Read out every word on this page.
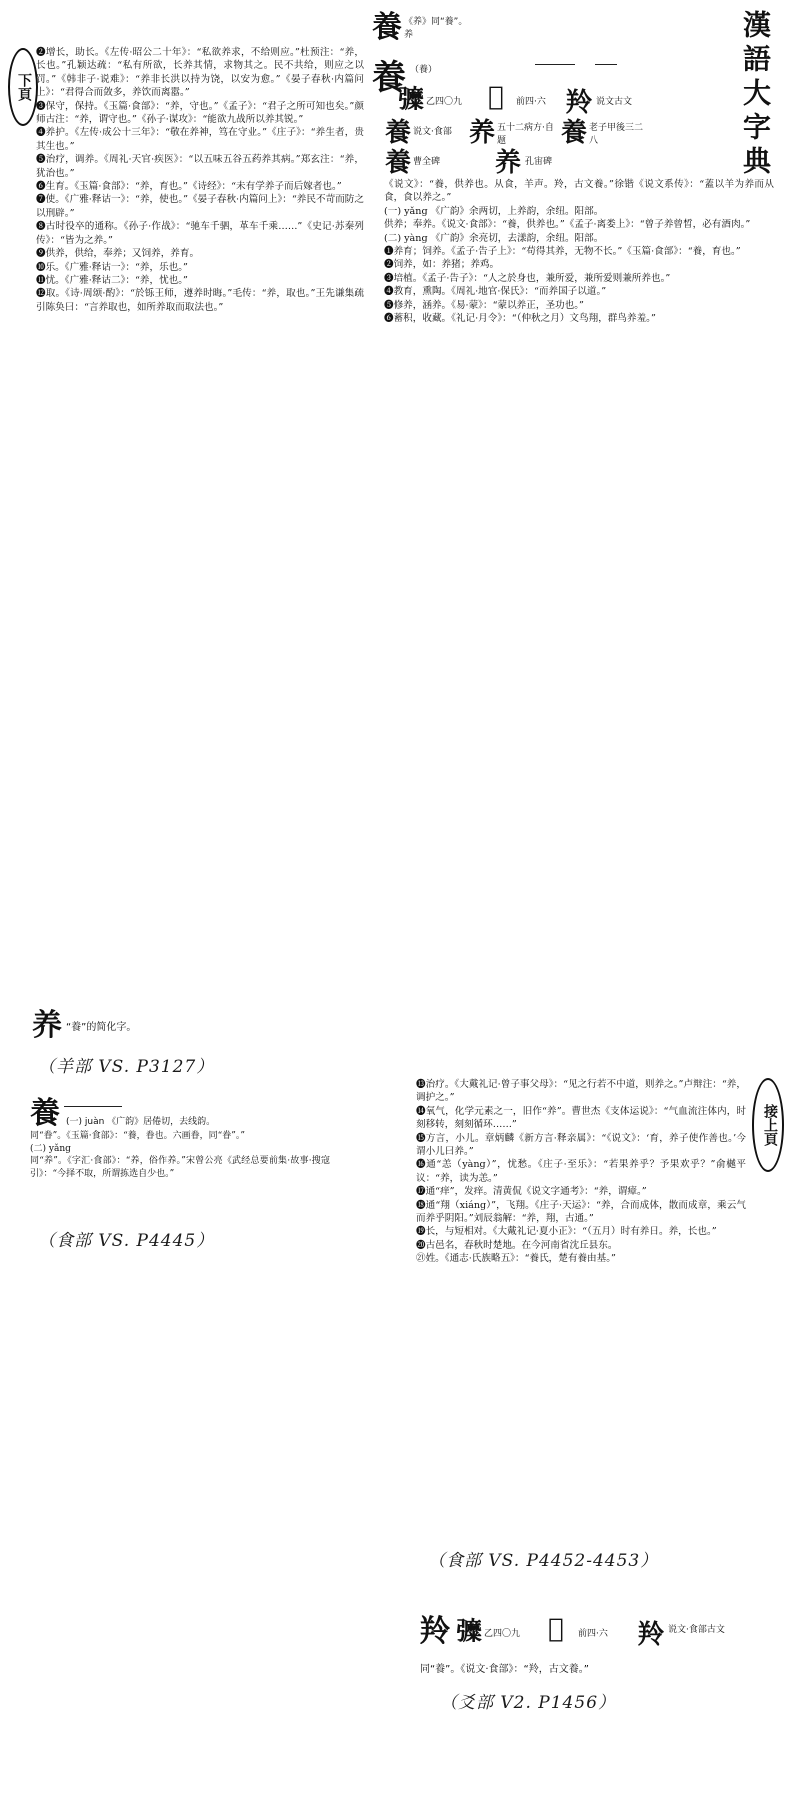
下頁
❷增长，助长。《左传·昭公二十年》：“私欲养求，不给则应。”杜预注：“养，长也。”孔颖达疏：“私有所欲，长养其情，求物其之。民不共给，则应之以罚。”《韩非子·说难》：“养非长洪以持为饶，以安为愈。”《晏子春秋·内篇问上》：“君得合而敛多，养饮而离嚣。”
❸保守，保持。《玉篇·食部》：“养，守也。”《孟子》：“君子之所可知也矣。”颜师古注：“养，谓守也。”《孙子·谋攻》：“能欲九战所以养其锐。”
❹养护。《左传·成公十三年》：“敬在养神，笃在守业。”《庄子》：“养生者，贵其生也。”
❺治疗，调养。《周礼·天官·疾医》：“以五味五谷五药养其病。”郑玄注：“养，犹治也。”
❻生育。《玉篇·食部》：“养，育也。”《诗经》：“未有学养子而后嫁者也。”
❼使。《广雅·释诂一》：“养，使也。”《晏子春秋·内篇问上》：“养民不苛而防之以刑辟。”
❽古时役卒的通称。《孙子·作战》：“驰车千驷，革车千乘……”《史记·苏秦列传》：“皆为之养。”
❾供养，供给，奉养；又饲养，养育。
❿乐。《广雅·释诂一》：“养，乐也。”
⓫忧。《广雅·释诂二》：“养，忧也。”
⓬取。《诗·周颂·酌》：“於铄王师，遵养时晦。”毛传：“养，取也。”王先谦集疏引陈奂曰：“言养取也，如所养取而取法也。”
養 《养》同“養”。
养
養 （養）
𢑀 乙四〇九 𦎫 前四·六 羚 说文古文
養 说文·食部 养 五十二病方·自题	養 老子甲後三二八
養 曹全碑 养 孔宙碑	漢語大字典
《说文》：“養，供养也。从食，羊声。羚，古文養。”徐锴《说文系传》：“蓋以羊为养而从食，食以养之。”
(一) yǎng 《广韵》余两切，上养韵，余纽。阳部。
供养；奉养。《说文·食部》：“養，供养也。”《孟子·离娄上》：“曾子养曾晳，必有酒肉。”
(二) yàng 《广韵》余亮切，去漾韵，余纽。阳部。
❶养育；饲养。《孟子·告子上》：“苟得其养，无物不长。”《玉篇·食部》：“養，育也。”
❷饲养，如：养猪；养鸡。
❸培植。《孟子·告子》：“人之於身也，兼所爱，兼所爱则兼所养也。”
❹教育，熏陶。《周礼·地官·保氏》：“而养国子以道。”
❺修养，涵养。《易·蒙》：“蒙以养正，圣功也。”
❻蓄积，收藏。《礼记·月令》：“（仲秋之月）文鸟翔，群鸟养羞。”
养 “養”的简化字。
（羊部 VS. P3127）
養 (一) juàn 《广韵》居倦切，去线韵。
同“眷”。《玉篇·食部》：“養，眷也。六画眷，同“眷”。”
(二) yǎng
同“养”。《字汇·食部》：“养，俗作养。”宋曾公亮《武经总要前集·故事·搜寇引》：“今择不取，所谓拣选自少也。”
（食部 VS. P4445）
接上頁
⓭治疗。《大戴礼记·曾子事父母》：“见之行若不中道，则养之。”卢辩注：“养，调护之。”
⓮氧气，化学元素之一，旧作“养”。曹世杰《支体运说》：“气血流注体内，时刻移转，刻刻循环……”
⓯方言，小儿。章炳麟《新方言·释亲属》：“《说文》：‘育，养子使作善也。’今谓小儿曰养。”
⓰通“恙（yàng）”，忧愁。《庄子·至乐》：“若果养乎？予果欢乎？”俞樾平议：“养，读为恙。”
⓱通“痒”，发痒。清黄侃《说文字通考》：“养，谓瘴。”
⓲通“翔（xiáng）”，飞翔。《庄子·天运》：“养，合而成体，散而成章，乘云气而养乎阴阳。”刘辰翁解：“养，翔，古通。”
⓳长，与短相对。《大戴礼记·夏小正》：“（五月）时有养日。养，长也。”
⓴古邑名，春秋时楚地。在今河南省沈丘县东。
㉑姓。《通志·氏族略五》：“養氏，楚有養由基。”
（食部 VS. P4452-4453）
羚 𢑀 乙四〇九 𦎫 前四·六 羚 说文·食部古文
同“養”。《说文·食部》：“羚，古文養。”
（爻部 V2. P1456）
